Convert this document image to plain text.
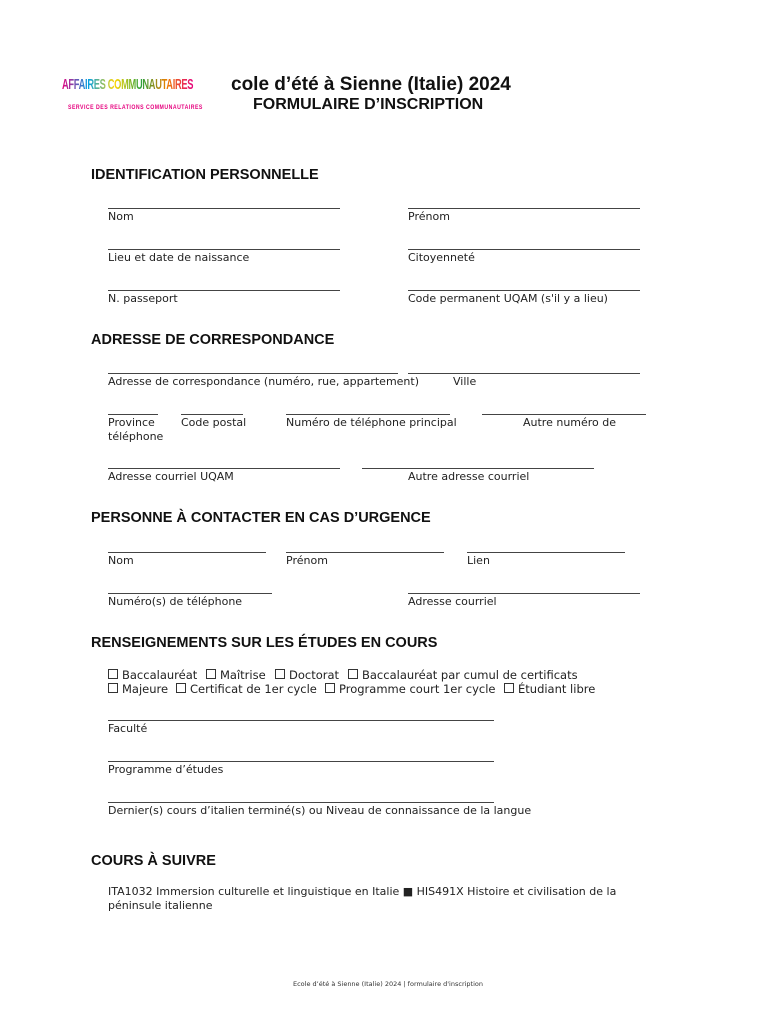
AFFAIRES COMMUNAUTAIRES
SERVICE DES RELATIONS COMMUNAUTAIRES
cole d’été à Sienne (Italie) 2024
FORMULAIRE D’INSCRIPTION
IDENTIFICATION PERSONNELLE
Nom	Prénom
Lieu et date de naissance	Citoyenneté
N. passeport	Code permanent UQAM (s'il y a lieu)
ADRESSE DE CORRESPONDANCE
Adresse de correspondance (numéro, rue, appartement)	Ville
Province Code postal	Numéro de téléphone principal	Autre numéro de
téléphone
Adresse courriel UQAM	Autre adresse courriel
PERSONNE À CONTACTER EN CAS D’URGENCE
Nom	Prénom	Lien
Numéro(s) de téléphone	Adresse courriel
RENSEIGNEMENTS SUR LES ÉTUDES EN COURS
Baccalauréat	Maîtrise	Doctorat	Baccalauréat par cumul de certificats
Majeure	Certificat de 1er cycle	Programme court 1er cycle	Étudiant libre
Faculté
Programme d’études
Dernier(s) cours d’italien terminé(s) ou Niveau de connaissance de la langue
COURS À SUIVRE
ITA1032 Immersion culturelle et linguistique en Italie ■ HIS491X Histoire et civilisation de la péninsule italienne
Ecole d’été à Sienne (Italie) 2024 | formulaire d'inscription
